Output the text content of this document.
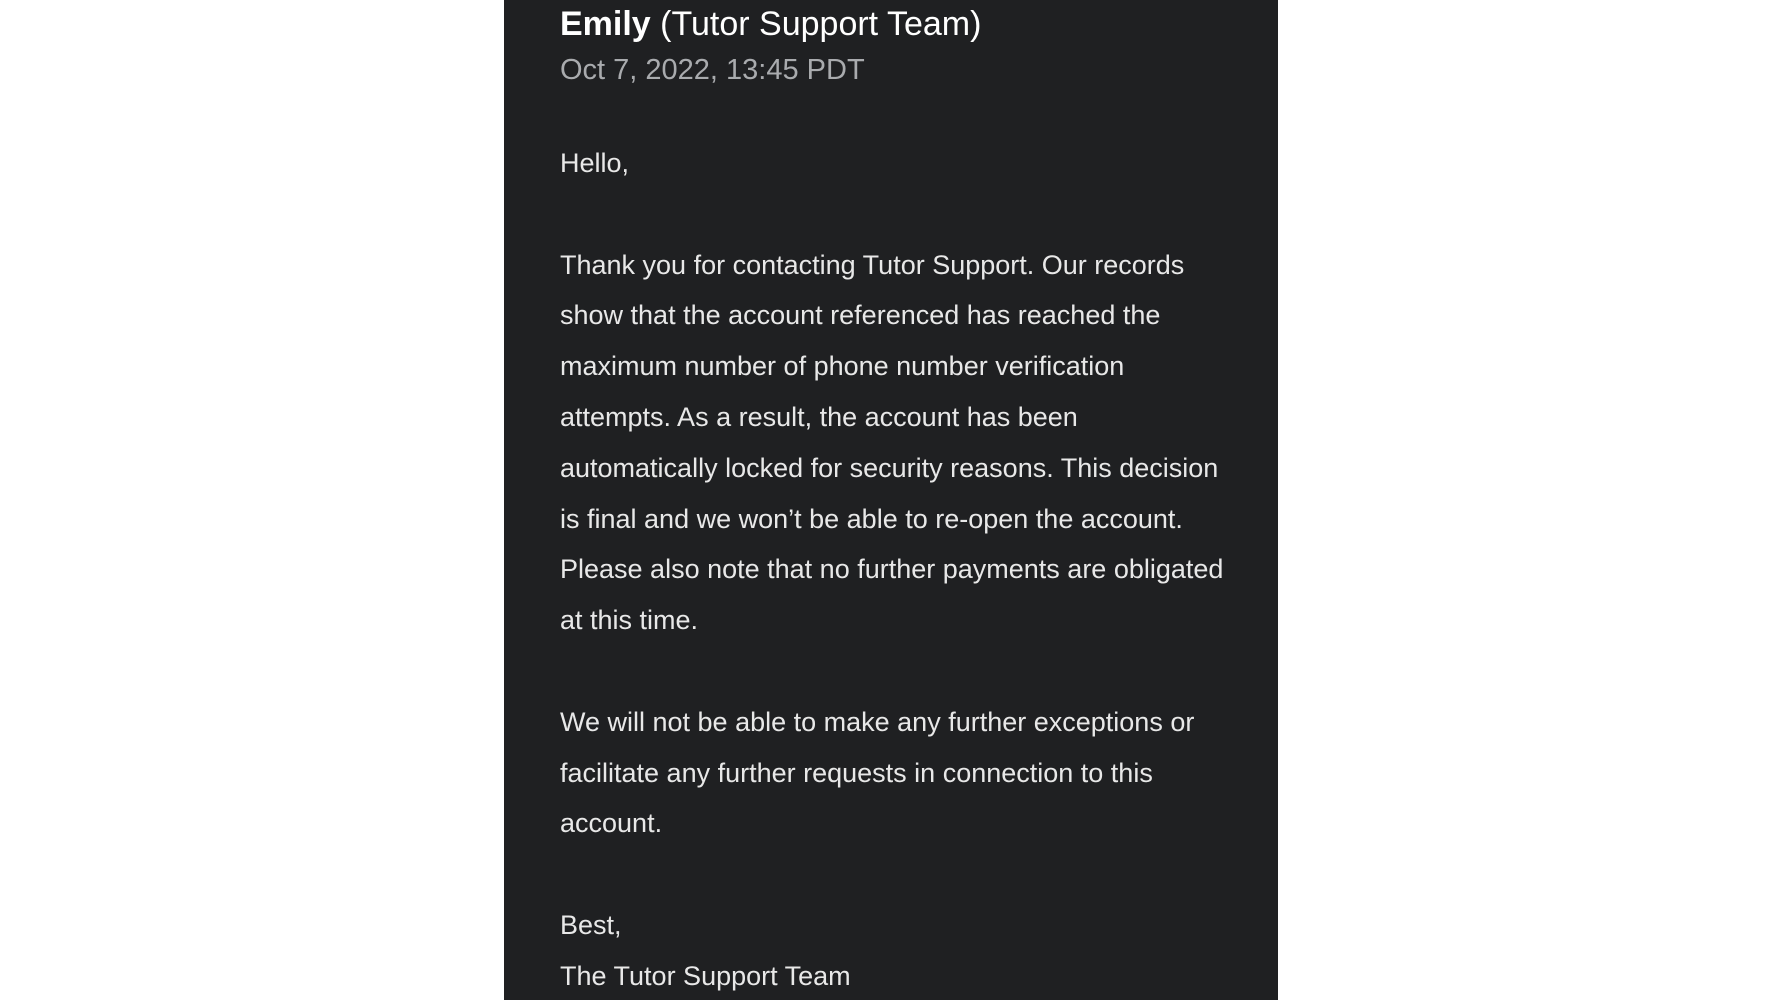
Emily (Tutor Support Team)
Oct 7, 2022, 13:45 PDT

Hello,

Thank you for contacting Tutor Support. Our records show that the account referenced has reached the maximum number of phone number verification attempts. As a result, the account has been automatically locked for security reasons. This decision is final and we won’t be able to re-open the account. Please also note that no further payments are obligated at this time.

We will not be able to make any further exceptions or facilitate any further requests in connection to this account.

Best,
The Tutor Support Team
